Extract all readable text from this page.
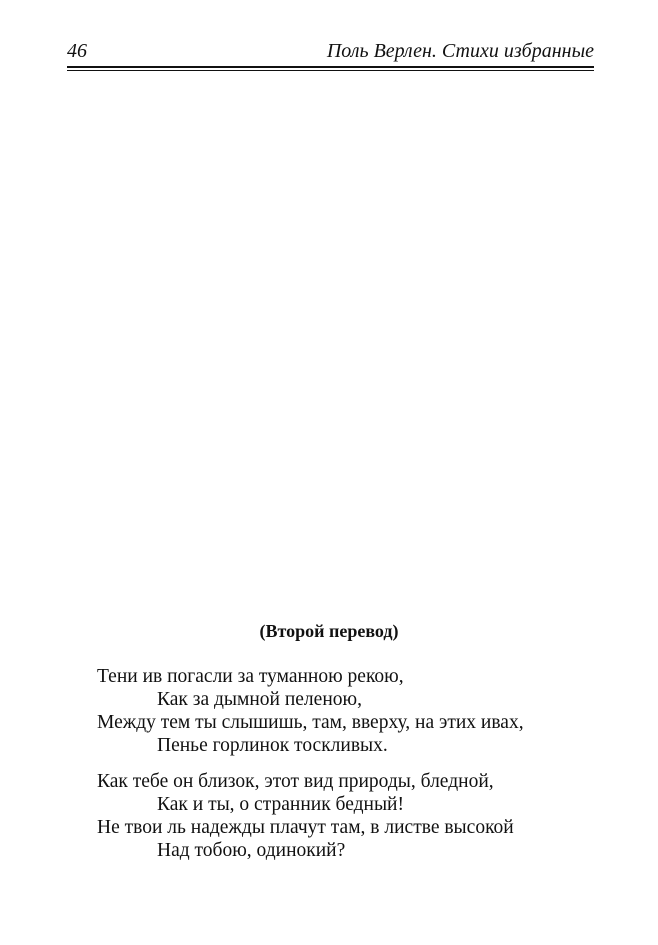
46	Поль Верлен. Стихи избранные
(Второй перевод)
Тени ив погасли за туманною рекою,
Как за дымной пеленою,
Между тем ты слышишь, там, вверху, на этих ивах,
Пенье горлинок тоскливых.
Как тебе он близок, этот вид природы, бледной,
Как и ты, о странник бедный!
Не твои ль надежды плачут там, в листве высокой
Над тобою, одинокий?
